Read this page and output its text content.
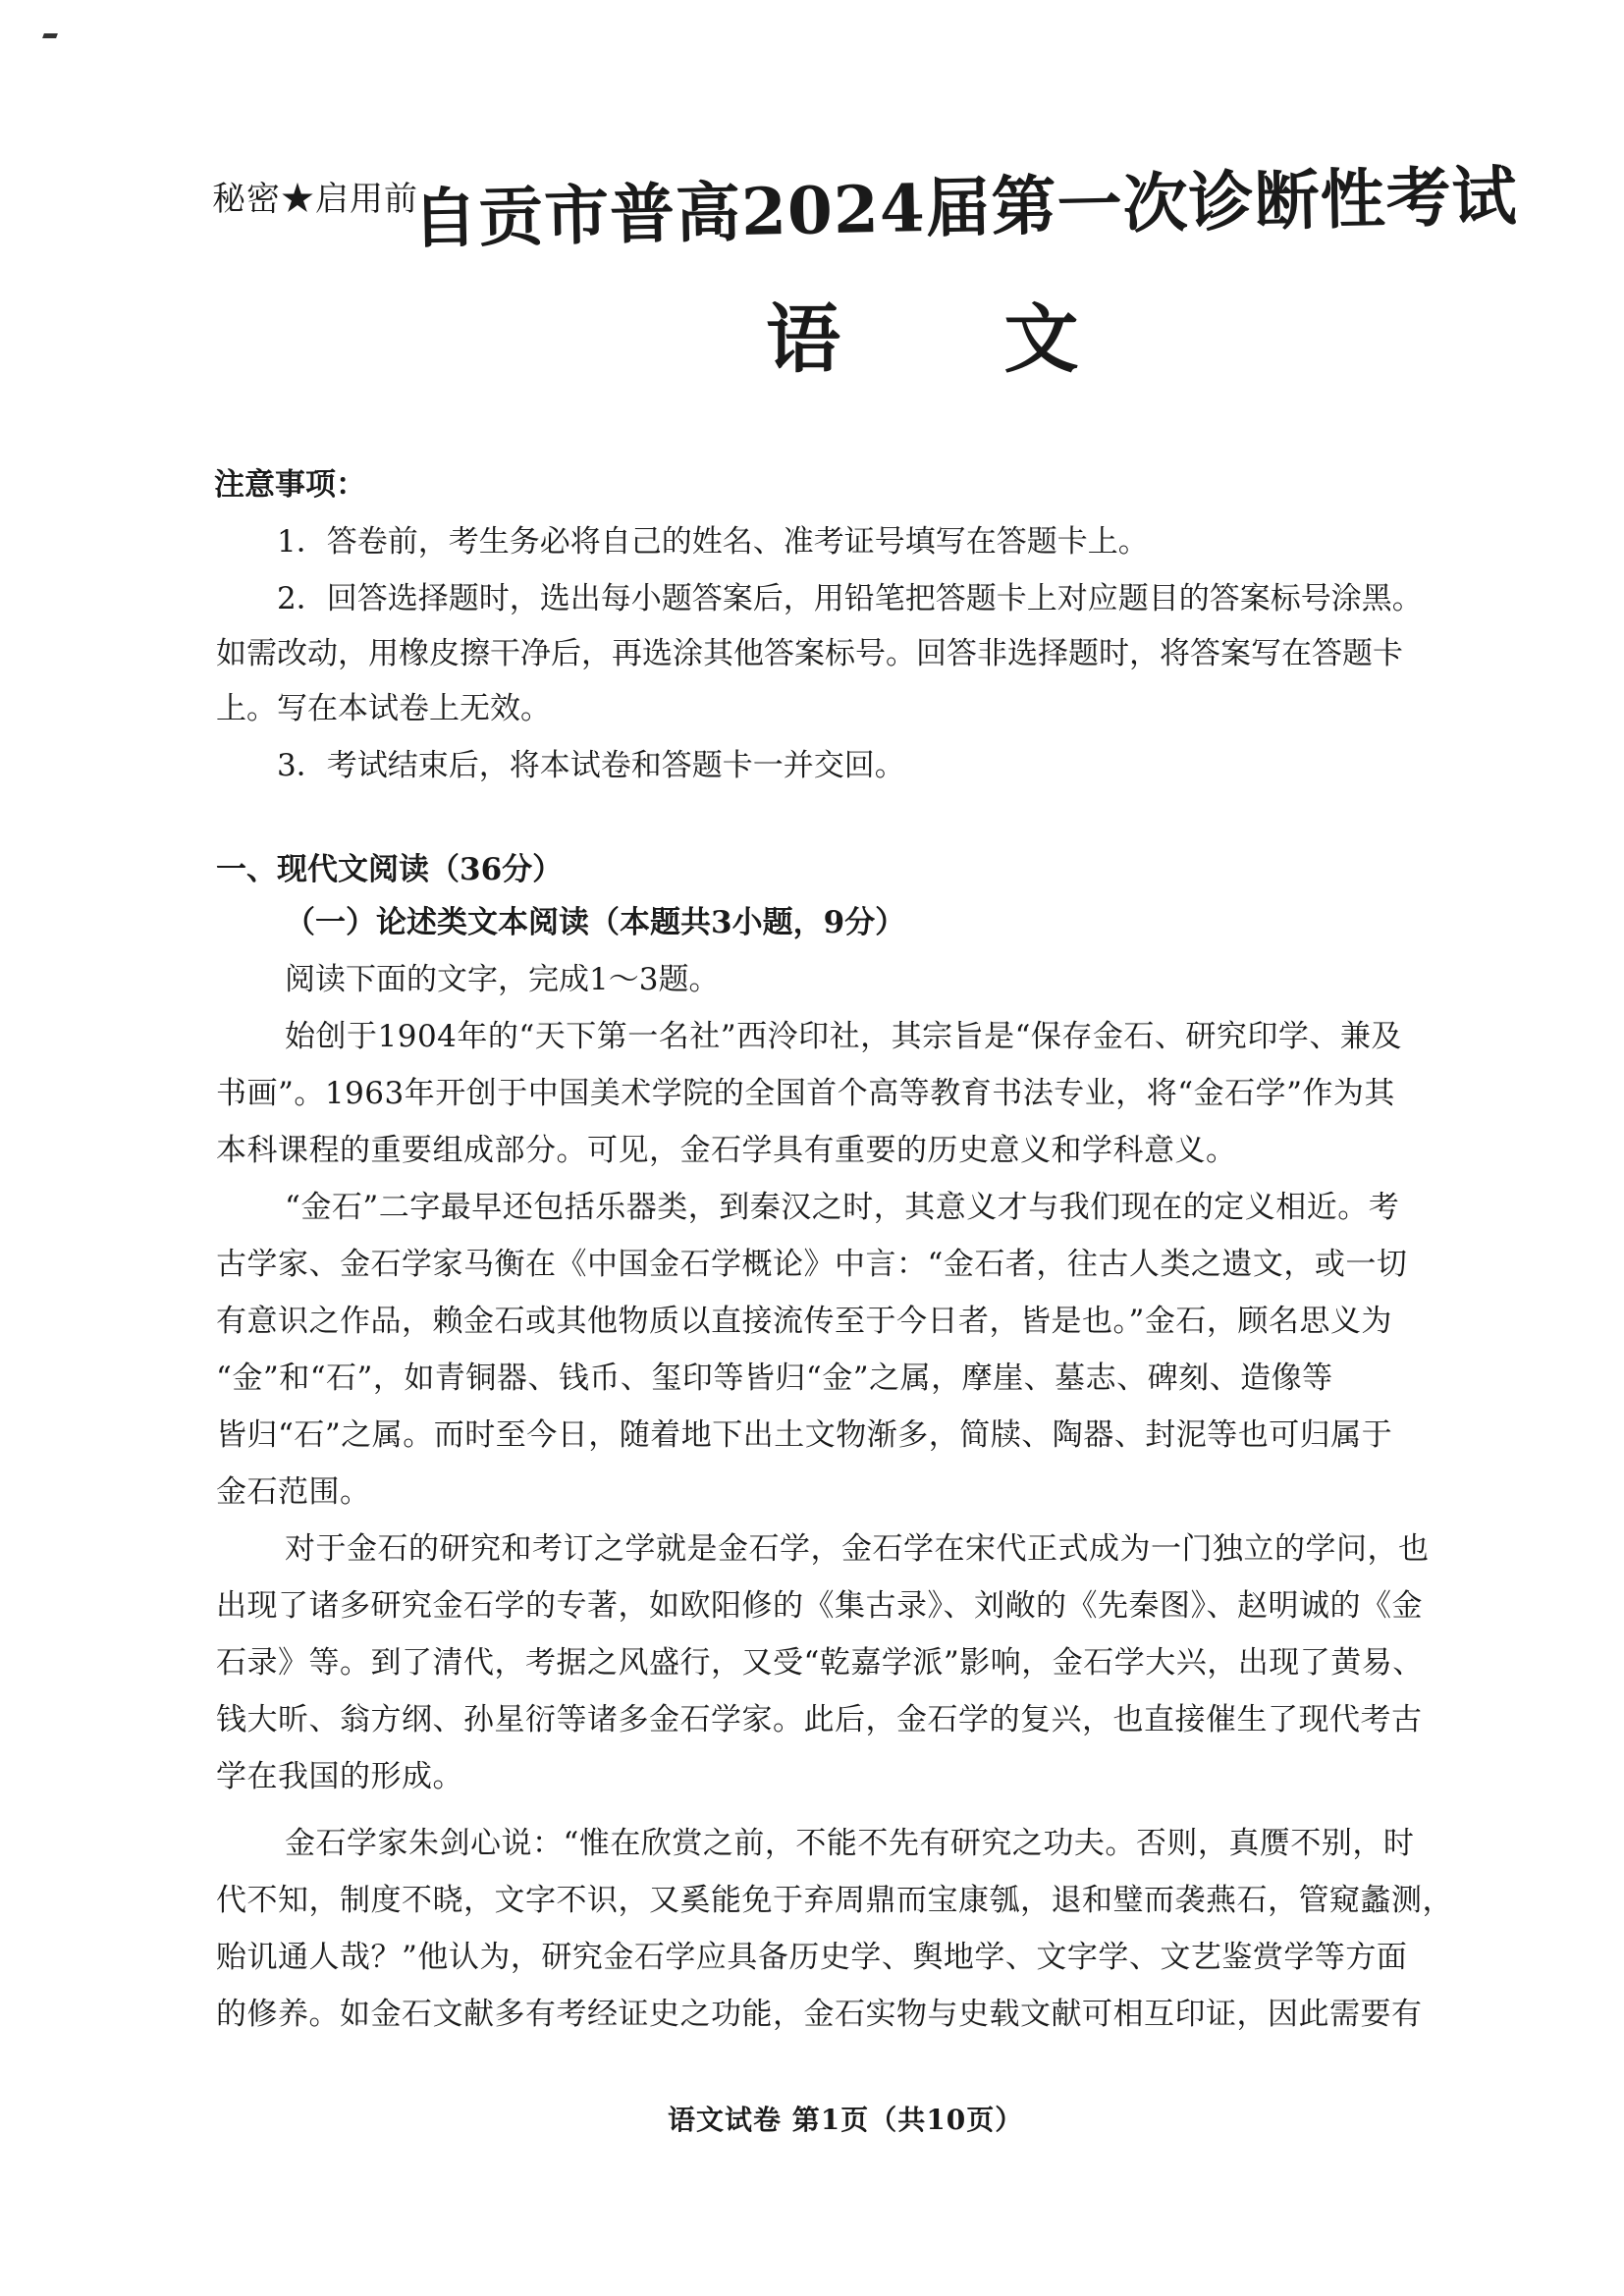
秘密★启用前
自贡市普高2024届第一次诊断性考试
语 文
注意事项：
1．答卷前，考生务必将自己的姓名、准考证号填写在答题卡上。
2．回答选择题时，选出每小题答案后，用铅笔把答题卡上对应题目的答案标号涂黑。
如需改动，用橡皮擦干净后，再选涂其他答案标号。回答非选择题时，将答案写在答题卡
上。写在本试卷上无效。
3．考试结束后，将本试卷和答题卡一并交回。
一、现代文阅读（36分）
（一）论述类文本阅读（本题共3小题，9分）
阅读下面的文字，完成1～3题。
始创于1904年的“天下第一名社”西泠印社，其宗旨是“保存金石、研究印学、兼及
书画”。1963年开创于中国美术学院的全国首个高等教育书法专业，将“金石学”作为其
本科课程的重要组成部分。可见，金石学具有重要的历史意义和学科意义。
“金石”二字最早还包括乐器类，到秦汉之时，其意义才与我们现在的定义相近。考
古学家、金石学家马衡在《中国金石学概论》中言：“金石者，往古人类之遗文，或一切
有意识之作品，赖金石或其他物质以直接流传至于今日者，皆是也。”金石，顾名思义为
“金”和“石”，如青铜器、钱币、玺印等皆归“金”之属，摩崖、墓志、碑刻、造像等
皆归“石”之属。而时至今日，随着地下出土文物渐多，简牍、陶器、封泥等也可归属于
金石范围。
对于金石的研究和考订之学就是金石学，金石学在宋代正式成为一门独立的学问，也
出现了诸多研究金石学的专著，如欧阳修的《集古录》、刘敞的《先秦图》、赵明诚的《金
石录》等。到了清代，考据之风盛行，又受“乾嘉学派”影响，金石学大兴，出现了黄易、
钱大昕、翁方纲、孙星衍等诸多金石学家。此后，金石学的复兴，也直接催生了现代考古
学在我国的形成。
金石学家朱剑心说：“惟在欣赏之前，不能不先有研究之功夫。否则，真赝不别，时
代不知，制度不晓，文字不识，又奚能免于弃周鼎而宝康瓠，退和璧而袭燕石，管窥蠡测，
贻讥通人哉？”他认为，研究金石学应具备历史学、舆地学、文字学、文艺鉴赏学等方面
的修养。如金石文献多有考经证史之功能，金石实物与史载文献可相互印证，因此需要有
语文试卷 第1页（共10页）
